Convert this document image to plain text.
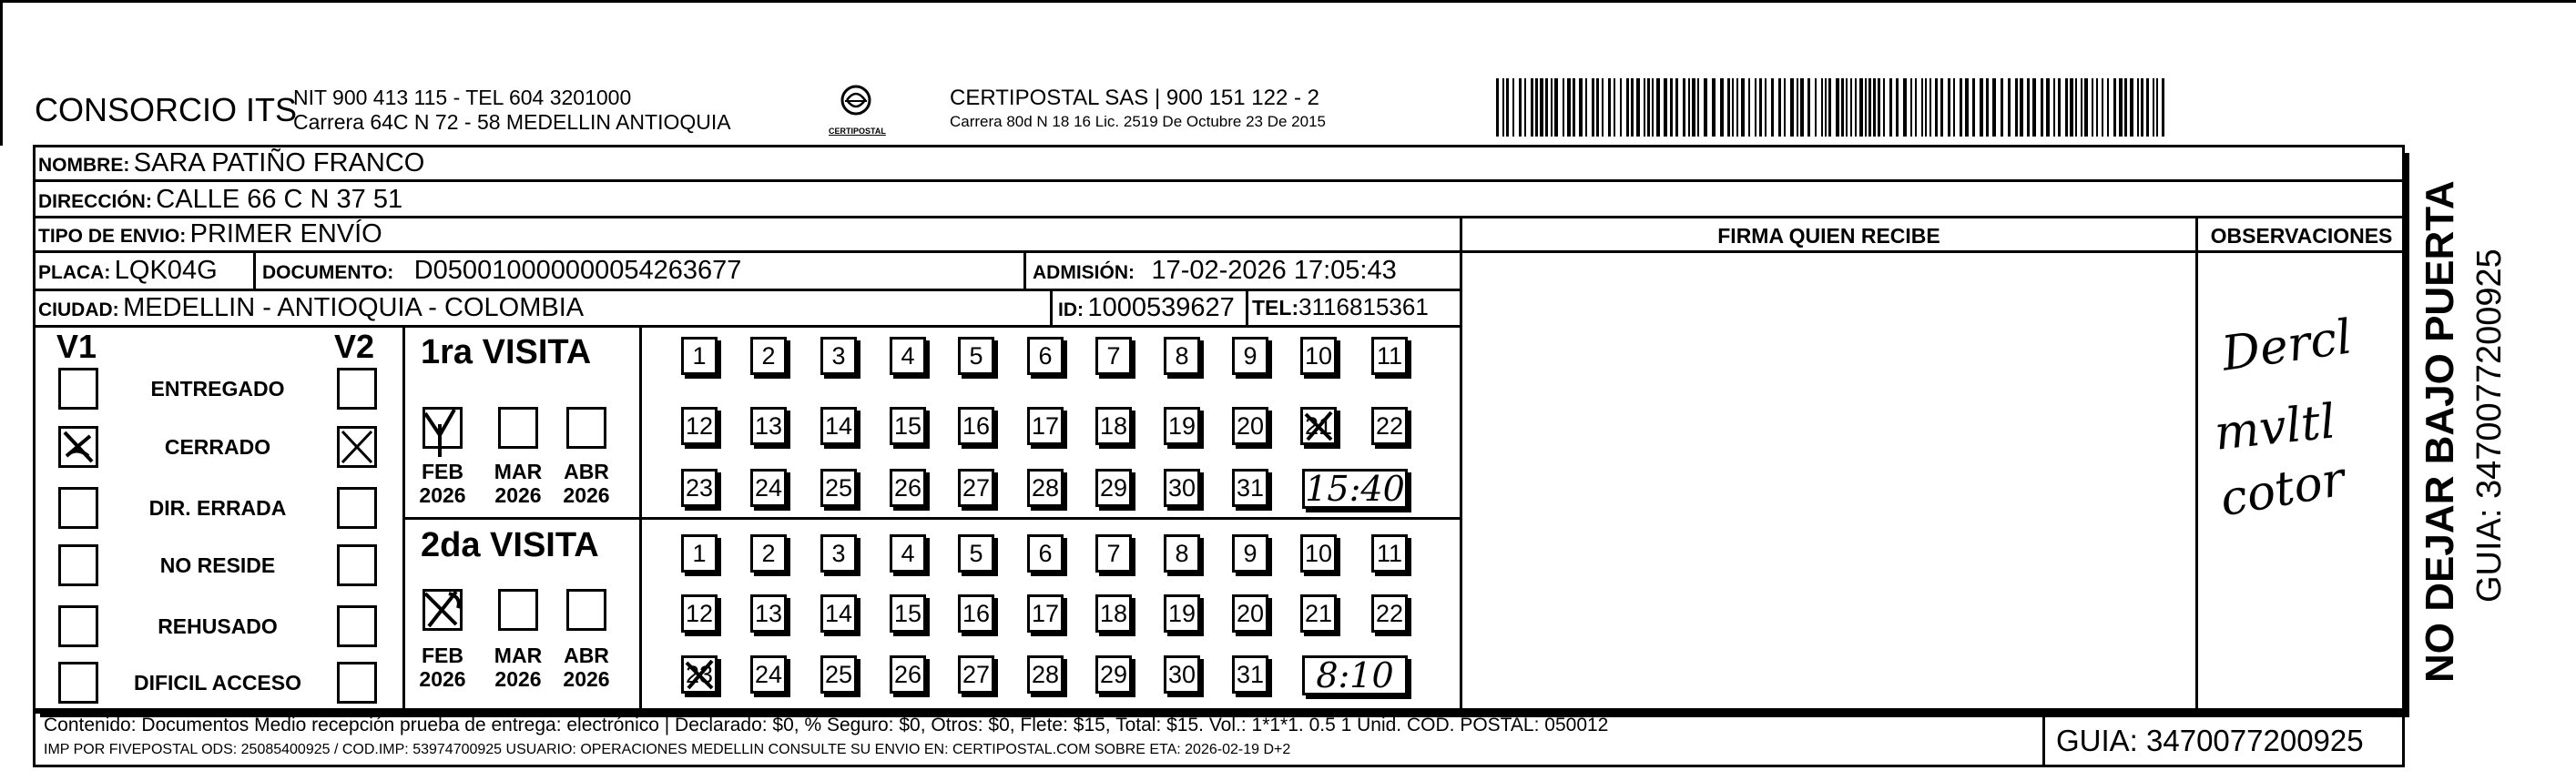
CONSORCIO ITS
NIT 900 413 115 - TEL 604 3201000
Carrera 64C N 72 - 58 MEDELLIN ANTIOQUIA	CERTIPOSTAL
CERTIPOSTAL SAS | 900 151 122 - 2
Carrera 80d N 18 16 Lic. 2519 De Octubre 23 De 2015
NOMBRE: SARA PATIÑO FRANCO
DIRECCIÓN: CALLE 66 C N 37 51
TIPO DE ENVIO: PRIMER ENVÍO	FIRMA QUIEN RECIBE	OBSERVACIONES
PLACA: LQK04G DOCUMENTO: D050010000000054263677	ADMISIÓN: 17-02-2026 17:05:43
CIUDAD: MEDELLIN - ANTIOQUIA - COLOMBIA	ID: 1000539627 TEL:3116815361
V1	V2
ENTREGADO
CERRADO
DIR. ERRADA
NO RESIDE
REHUSADO
DIFICIL ACCESO
1ra VISITA
2da VISITA
FEB
2026
MAR
2026
ABR
2026
FEB
2026
MAR
2026
ABR
2026
1	2	3	4	5	6	7	8	9	10 11
12 13 14 15 16 17 18 19 20 21 22
23 24 25 26 27 28 29 30 31 15:40
1	2	3	4	5	6	7	8	9	10 11
12 13 14 15 16 17 18 19 20 21 22
23 24 25 26 27 28 29 30 31	8:10
Contenido: Documentos Medio recepción prueba de entrega: electrónico | Declarado: $0, % Seguro: $0, Otros: $0, Flete: $15, Total: $15. Vol.: 1*1*1. 0.5 1 Unid. COD. POSTAL: 050012
IMP POR FIVEPOSTAL ODS: 25085400925 / COD.IMP: 53974700925 USUARIO: OPERACIONES MEDELLIN CONSULTE SU ENVIO EN: CERTIPOSTAL.COM SOBRE ETA: 2026-02-19 D+2	GUIA: 3470077200925
Dercl
mvltl
cotor NO DEJAR BAJO PUERTA GUIA: 3470077200925
